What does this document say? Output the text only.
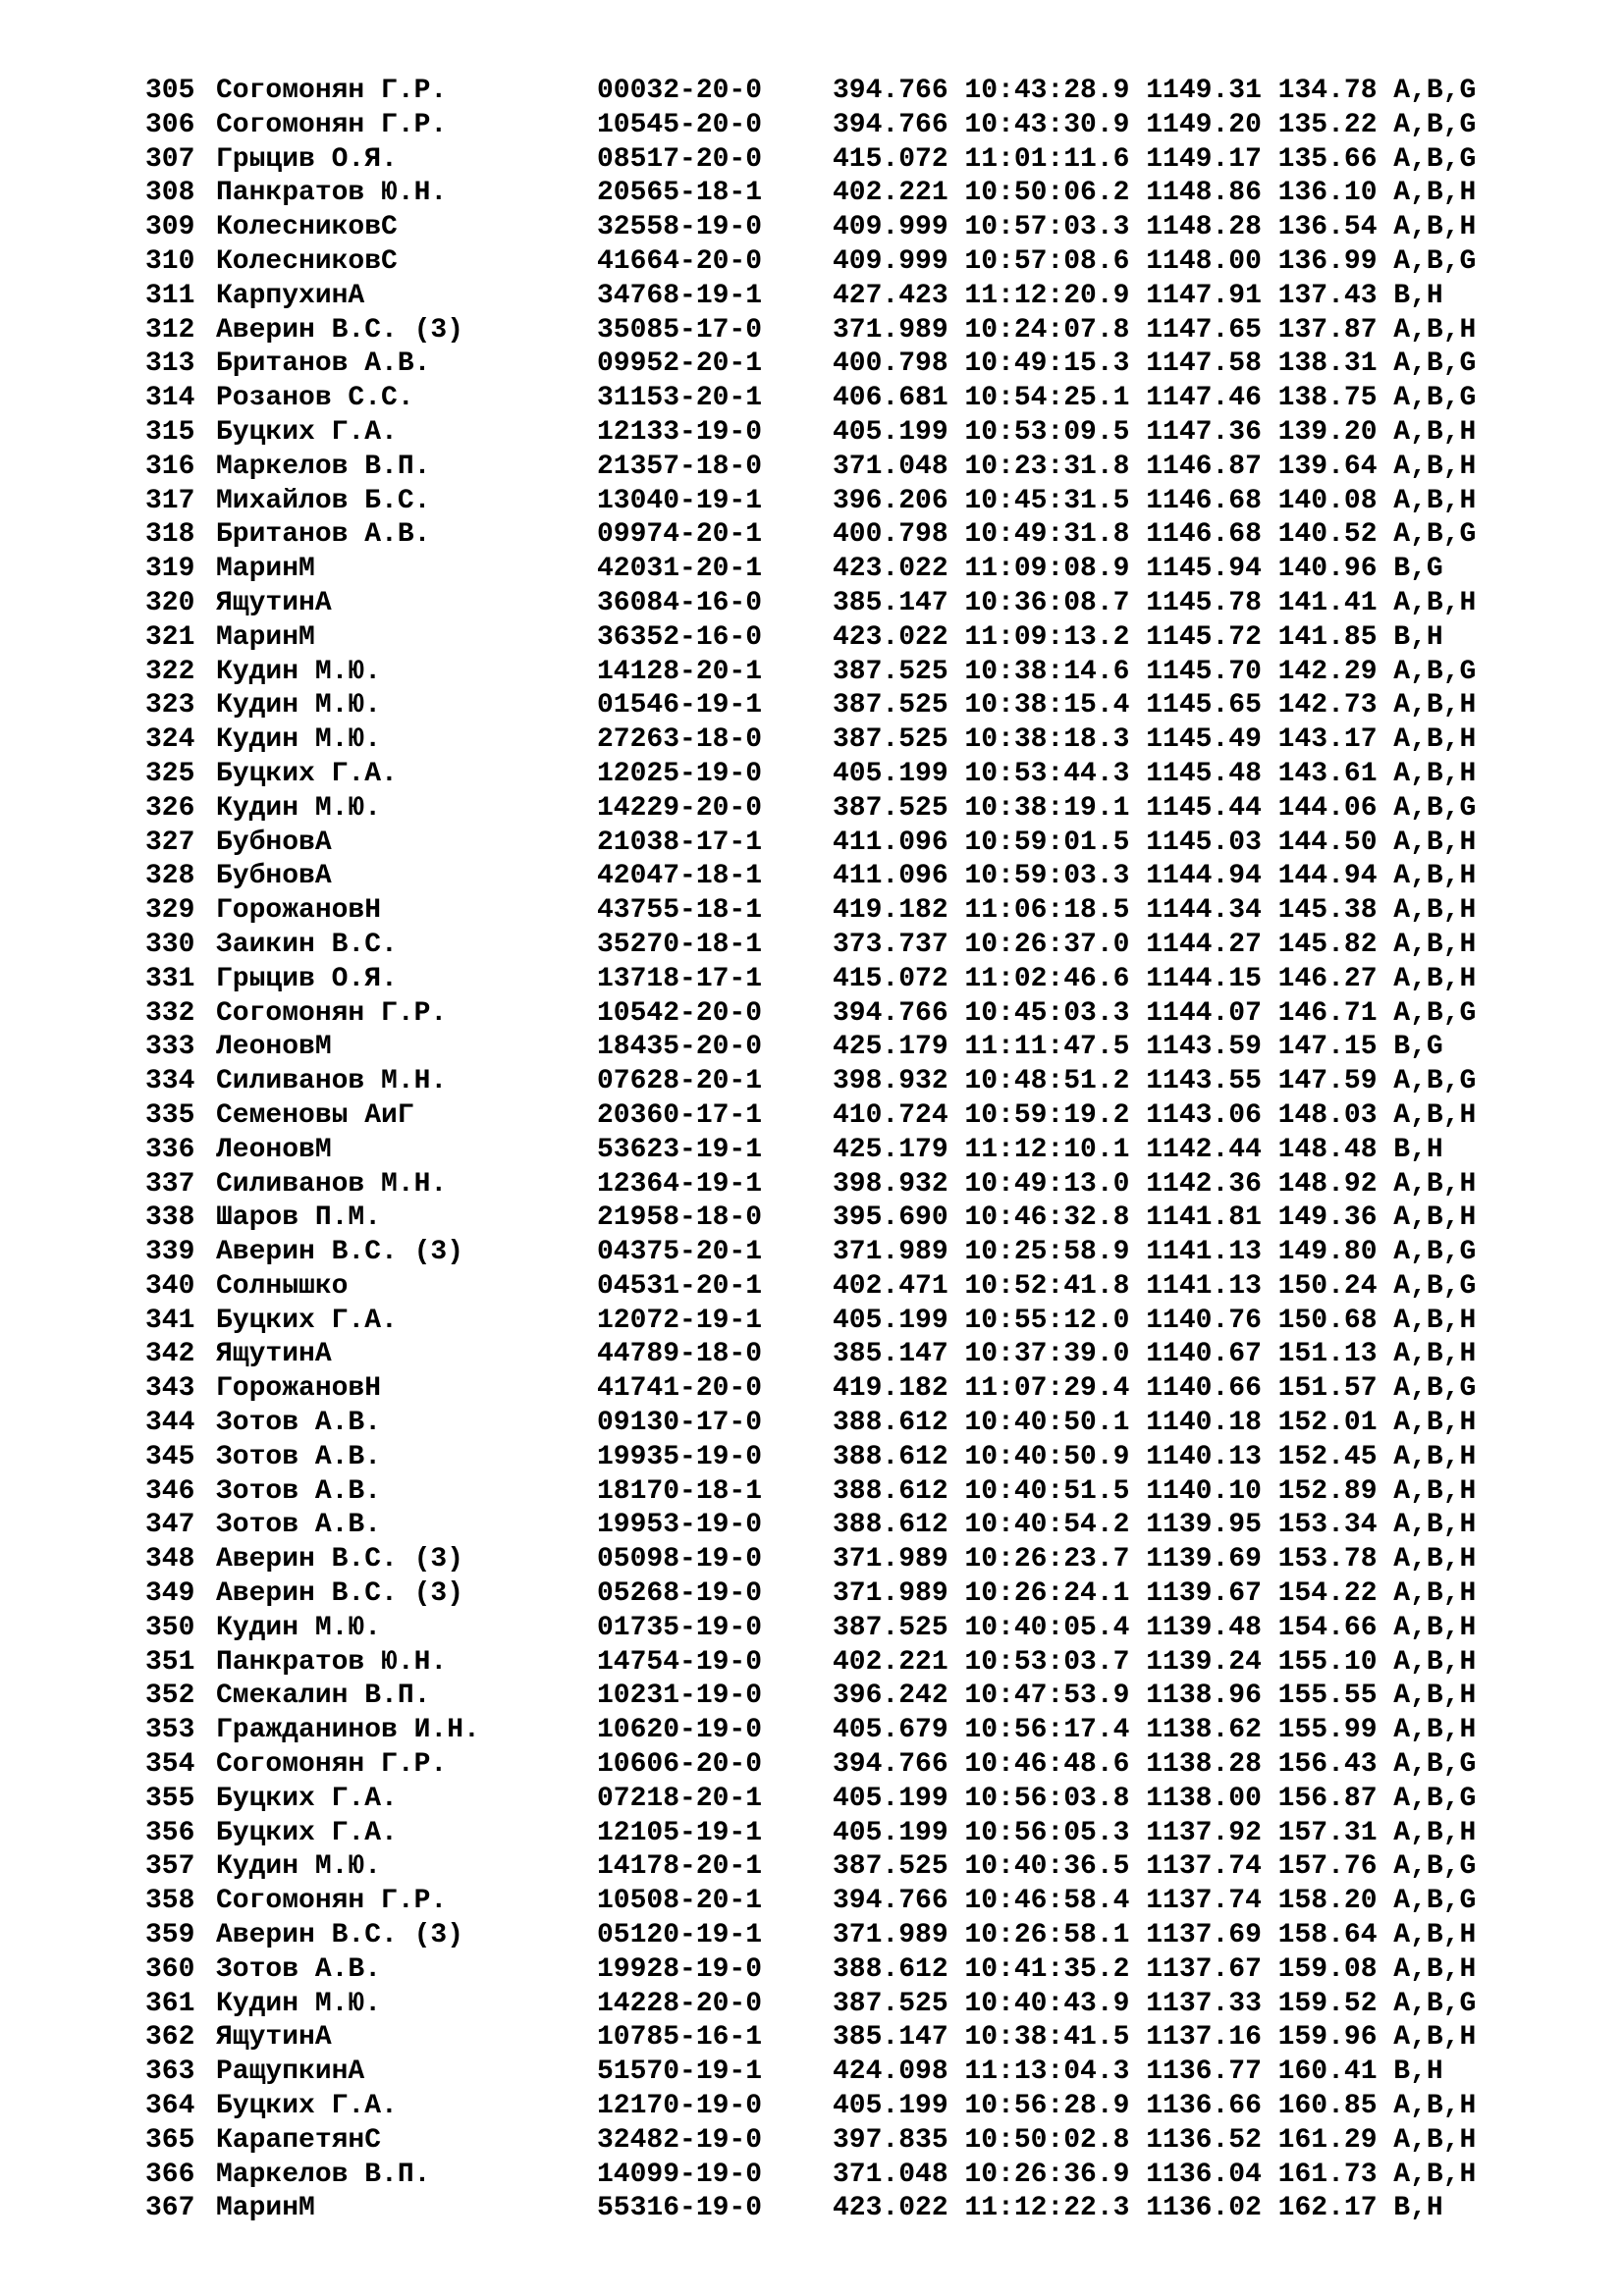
305 Согомонян Г.Р.	00032-20-0	394.766 10:43:28.9 1149.31 134.78 A,B,G
306 Согомонян Г.Р.	10545-20-0	394.766 10:43:30.9 1149.20 135.22 A,B,G
307 Грыцив О.Я.	08517-20-0	415.072 11:01:11.6 1149.17 135.66 A,B,G
308 Панкратов Ю.Н.	20565-18-1	402.221 10:50:06.2 1148.86 136.10 A,B,H
309 КолесниковС	32558-19-0	409.999 10:57:03.3 1148.28 136.54 A,B,H
310 КолесниковС	41664-20-0	409.999 10:57:08.6 1148.00 136.99 A,B,G
311 КарпухинА	34768-19-1	427.423 11:12:20.9 1147.91 137.43 B,H
312 Аверин В.С. (3)	35085-17-0	371.989 10:24:07.8 1147.65 137.87 A,B,H
313 Британов А.В.	09952-20-1	400.798 10:49:15.3 1147.58 138.31 A,B,G
314 Розанов С.С.	31153-20-1	406.681 10:54:25.1 1147.46 138.75 A,B,G
315 Буцких Г.А.	12133-19-0	405.199 10:53:09.5 1147.36 139.20 A,B,H
316 Маркелов В.П.	21357-18-0	371.048 10:23:31.8 1146.87 139.64 A,B,H
317 Михайлов Б.С.	13040-19-1	396.206 10:45:31.5 1146.68 140.08 A,B,H
318 Британов А.В.	09974-20-1	400.798 10:49:31.8 1146.68 140.52 A,B,G
319 МаринМ	42031-20-1	423.022 11:09:08.9 1145.94 140.96 B,G
320 ЯщутинА	36084-16-0	385.147 10:36:08.7 1145.78 141.41 A,B,H
321 МаринМ	36352-16-0	423.022 11:09:13.2 1145.72 141.85 B,H
322 Кудин М.Ю.	14128-20-1	387.525 10:38:14.6 1145.70 142.29 A,B,G
323 Кудин М.Ю.	01546-19-1	387.525 10:38:15.4 1145.65 142.73 A,B,H
324 Кудин М.Ю.	27263-18-0	387.525 10:38:18.3 1145.49 143.17 A,B,H
325 Буцких Г.А.	12025-19-0	405.199 10:53:44.3 1145.48 143.61 A,B,H
326 Кудин М.Ю.	14229-20-0	387.525 10:38:19.1 1145.44 144.06 A,B,G
327 БубновА	21038-17-1	411.096 10:59:01.5 1145.03 144.50 A,B,H
328 БубновА	42047-18-1	411.096 10:59:03.3 1144.94 144.94 A,B,H
329 ГорожановН	43755-18-1	419.182 11:06:18.5 1144.34 145.38 A,B,H
330 Заикин В.С.	35270-18-1	373.737 10:26:37.0 1144.27 145.82 A,B,H
331 Грыцив О.Я.	13718-17-1	415.072 11:02:46.6 1144.15 146.27 A,B,H
332 Согомонян Г.Р.	10542-20-0	394.766 10:45:03.3 1144.07 146.71 A,B,G
333 ЛеоновМ	18435-20-0	425.179 11:11:47.5 1143.59 147.15 B,G
334 Силиванов М.Н.	07628-20-1	398.932 10:48:51.2 1143.55 147.59 A,B,G
335 Семеновы АиГ	20360-17-1	410.724 10:59:19.2 1143.06 148.03 A,B,H
336 ЛеоновМ	53623-19-1	425.179 11:12:10.1 1142.44 148.48 B,H
337 Силиванов М.Н.	12364-19-1	398.932 10:49:13.0 1142.36 148.92 A,B,H
338 Шаров П.М.	21958-18-0	395.690 10:46:32.8 1141.81 149.36 A,B,H
339 Аверин В.С. (3)	04375-20-1	371.989 10:25:58.9 1141.13 149.80 A,B,G
340 Солнышко	04531-20-1	402.471 10:52:41.8 1141.13 150.24 A,B,G
341 Буцких Г.А.	12072-19-1	405.199 10:55:12.0 1140.76 150.68 A,B,H
342 ЯщутинА	44789-18-0	385.147 10:37:39.0 1140.67 151.13 A,B,H
343 ГорожановН	41741-20-0	419.182 11:07:29.4 1140.66 151.57 A,B,G
344 Зотов А.В.	09130-17-0	388.612 10:40:50.1 1140.18 152.01 A,B,H
345 Зотов А.В.	19935-19-0	388.612 10:40:50.9 1140.13 152.45 A,B,H
346 Зотов А.В.	18170-18-1	388.612 10:40:51.5 1140.10 152.89 A,B,H
347 Зотов А.В.	19953-19-0	388.612 10:40:54.2 1139.95 153.34 A,B,H
348 Аверин В.С. (3)	05098-19-0	371.989 10:26:23.7 1139.69 153.78 A,B,H
349 Аверин В.С. (3)	05268-19-0	371.989 10:26:24.1 1139.67 154.22 A,B,H
350 Кудин М.Ю.	01735-19-0	387.525 10:40:05.4 1139.48 154.66 A,B,H
351 Панкратов Ю.Н.	14754-19-0	402.221 10:53:03.7 1139.24 155.10 A,B,H
352 Смекалин В.П.	10231-19-0	396.242 10:47:53.9 1138.96 155.55 A,B,H
353 Гражданинов И.Н.	10620-19-0	405.679 10:56:17.4 1138.62 155.99 A,B,H
354 Согомонян Г.Р.	10606-20-0	394.766 10:46:48.6 1138.28 156.43 A,B,G
355 Буцких Г.А.	07218-20-1	405.199 10:56:03.8 1138.00 156.87 A,B,G
356 Буцких Г.А.	12105-19-1	405.199 10:56:05.3 1137.92 157.31 A,B,H
357 Кудин М.Ю.	14178-20-1	387.525 10:40:36.5 1137.74 157.76 A,B,G
358 Согомонян Г.Р.	10508-20-1	394.766 10:46:58.4 1137.74 158.20 A,B,G
359 Аверин В.С. (3)	05120-19-1	371.989 10:26:58.1 1137.69 158.64 A,B,H
360 Зотов А.В.	19928-19-0	388.612 10:41:35.2 1137.67 159.08 A,B,H
361 Кудин М.Ю.	14228-20-0	387.525 10:40:43.9 1137.33 159.52 A,B,G
362 ЯщутинА	10785-16-1	385.147 10:38:41.5 1137.16 159.96 A,B,H
363 РащупкинА	51570-19-1	424.098 11:13:04.3 1136.77 160.41 B,H
364 Буцких Г.А.	12170-19-0	405.199 10:56:28.9 1136.66 160.85 A,B,H
365 КарапетянС	32482-19-0	397.835 10:50:02.8 1136.52 161.29 A,B,H
366 Маркелов В.П.	14099-19-0	371.048 10:26:36.9 1136.04 161.73 A,B,H
367 МаринМ	55316-19-0	423.022 11:12:22.3 1136.02 162.17 B,H
